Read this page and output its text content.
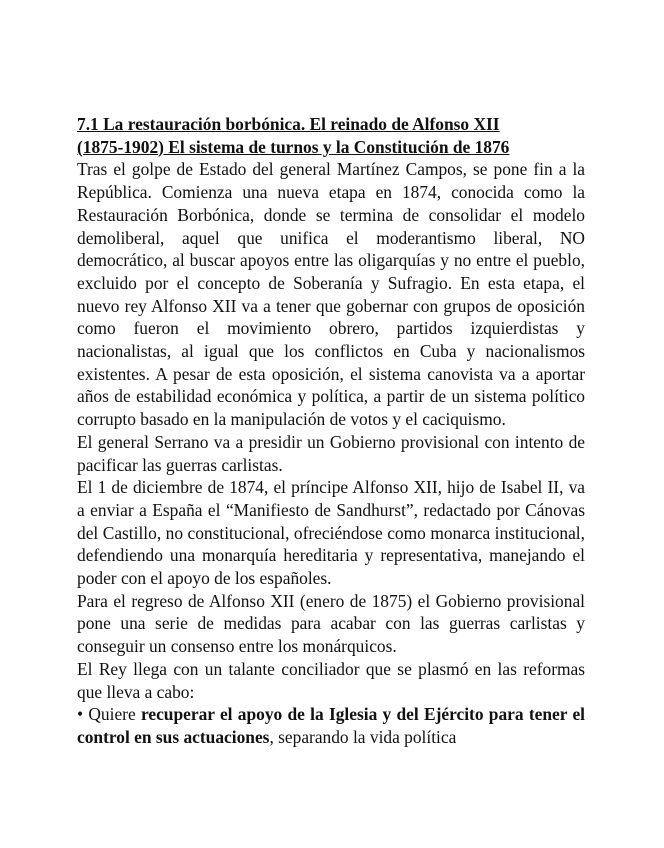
7.1 La restauración borbónica. El reinado de Alfonso XII
(1875-1902) El sistema de turnos y la Constitución de 1876

Tras el golpe de Estado del general Martínez Campos, se pone fin a la República. Comienza una nueva etapa en 1874, conocida como la Restauración Borbónica, donde se termina de consolidar el modelo demoliberal, aquel que unifica el moderantismo liberal, NO democrático, al buscar apoyos entre las oligarquías y no entre el pueblo, excluido por el concepto de Soberanía y Sufragio. En esta etapa, el nuevo rey Alfonso XII va a tener que gobernar con grupos de oposición como fueron el movimiento obrero, partidos izquierdistas y nacionalistas, al igual que los conflictos en Cuba y nacionalismos existentes. A pesar de esta oposición, el sistema canovista va a aportar años de estabilidad económica y política, a partir de un sistema político corrupto basado en la manipulación de votos y el caciquismo.

El general Serrano va a presidir un Gobierno provisional con intento de pacificar las guerras carlistas.

El 1 de diciembre de 1874, el príncipe Alfonso XII, hijo de Isabel II, va a enviar a España el “Manifiesto de Sandhurst”, redactado por Cánovas del Castillo, no constitucional, ofreciéndose como monarca institucional, defendiendo una monarquía hereditaria y representativa, manejando el poder con el apoyo de los españoles.

Para el regreso de Alfonso XII (enero de 1875) el Gobierno provisional pone una serie de medidas para acabar con las guerras carlistas y conseguir un consenso entre los monárquicos.

El Rey llega con un talante conciliador que se plasmó en las reformas que lleva a cabo:

• Quiere recuperar el apoyo de la Iglesia y del Ejército para tener el control en sus actuaciones, separando la vida política
